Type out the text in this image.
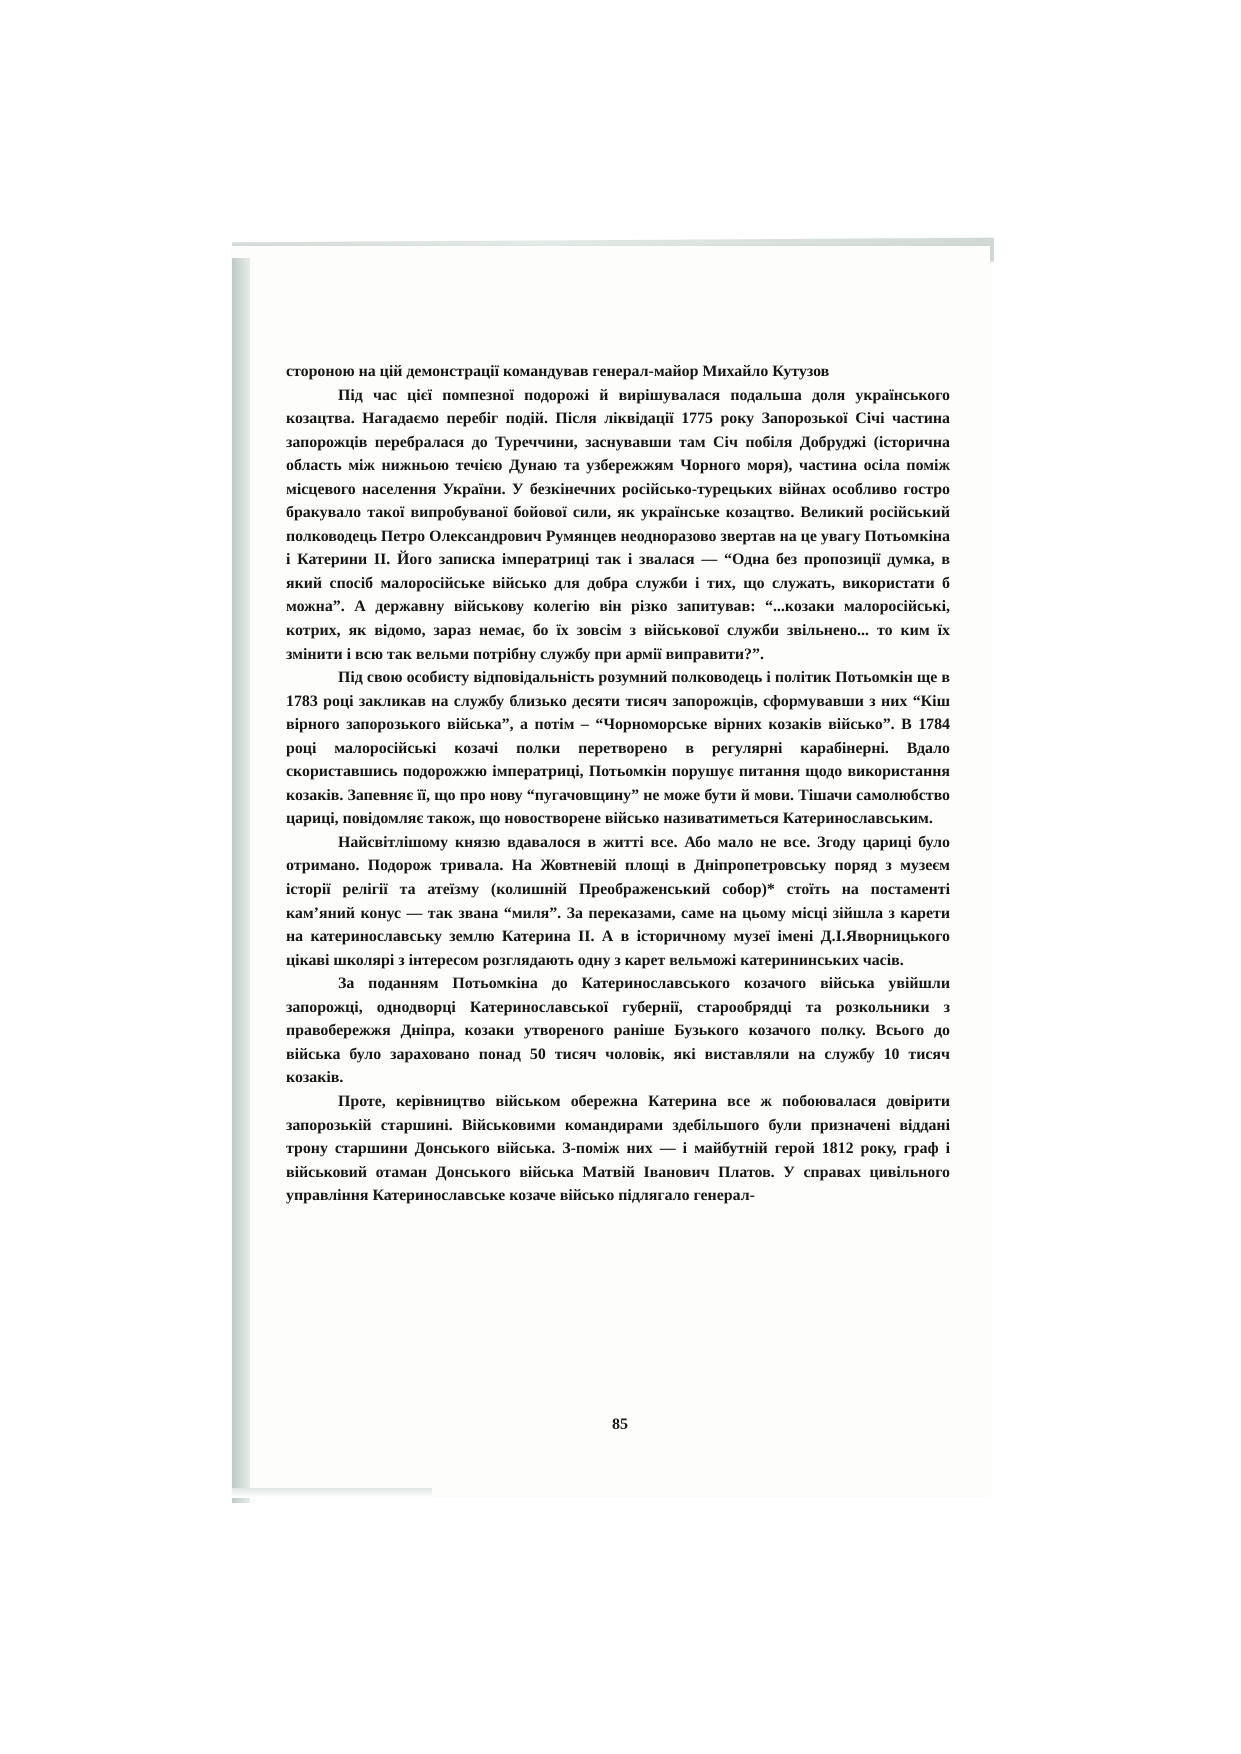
стороною на цій демонстрації командував генерал-майор Михайло Кутузов

Під час цієї помпезної подорожі й вирішувалася подальша доля українського козацтва. Нагадаємо перебіг подій. Після ліквідації 1775 року Запорозької Січі частина запорожців перебралася до Туреччини, заснувавши там Січ побіля Добруджі (історична область між нижньою течією Дунаю та узбережжям Чорного моря), частина осіла поміж місцевого населення України. У безкінечних російсько-турецьких війнах особливо гостро бракувало такої випробуваної бойової сили, як українське козацтво. Великий російський полководець Петро Олександрович Румянцев неодноразово звертав на це увагу Потьомкіна і Катерини II. Його записка імператриці так і звалася — “Одна без пропозиції думка, в який спосіб малоросійське військо для добра служби і тих, що служать, використати б можна”. А державну військову колегію він різко запитував: “...козаки малоросійські, котрих, як відомо, зараз немає, бо їх зовсім з військової служби звільнено... то ким їх змінити і всю так вельми потрібну службу при армії виправити?”.

Під свою особисту відповідальність розумний полководець і політик Потьомкін ще в 1783 році закликав на службу близько десяти тисяч запорожців, сформувавши з них “Кіш вірного запорозького війська”, а потім – “Чорноморське вірних козаків військо”. В 1784 році малоросійські козачі полки перетворено в регулярні карабінерні. Вдало скориставшись подорожжю імператриці, Потьомкін порушує питання щодо використання козаків. Запевняє її, що про нову “пугачовщину” не може бути й мови. Тішачи самолюбство цариці, повідомляє також, що новостворене військо називатиметься Катеринославським.

Найсвітлішому князю вдавалося в житті все. Або мало не все. Згоду цариці було отримано. Подорож тривала. На Жовтневій площі в Дніпропетровську поряд з музеєм історії релігії та атеїзму (колишній Преображенський собор)* стоїть на постаменті кам’яний конус — так звана “миля”. За переказами, саме на цьому місці зійшла з карети на катеринославську землю Катерина II. А в історичному музеї імені Д.І.Яворницького цікаві школярі з інтересом розглядають одну з карет вельможі катерининських часів.

За поданням Потьомкіна до Катеринославського козачого війська увійшли запорожці, однодворці Катеринославської губернії, старообрядці та розкольники з правобережжя Дніпра, козаки утвореного раніше Бузького козачого полку. Всього до війська було зараховано понад 50 тисяч чоловік, які виставляли на службу 10 тисяч козаків.

Проте, керівництво військом обережна Катерина все ж побоювалася довірити запорозькій старшині. Військовими командирами здебільшого були призначені віддані трону старшини Донського війська. З-поміж них — і майбутній герой 1812 року, граф і військовий отаман Донського війська Матвій Іванович Платов. У справах цивільного управління Катеринославське козаче військо підлягало генерал-

85
